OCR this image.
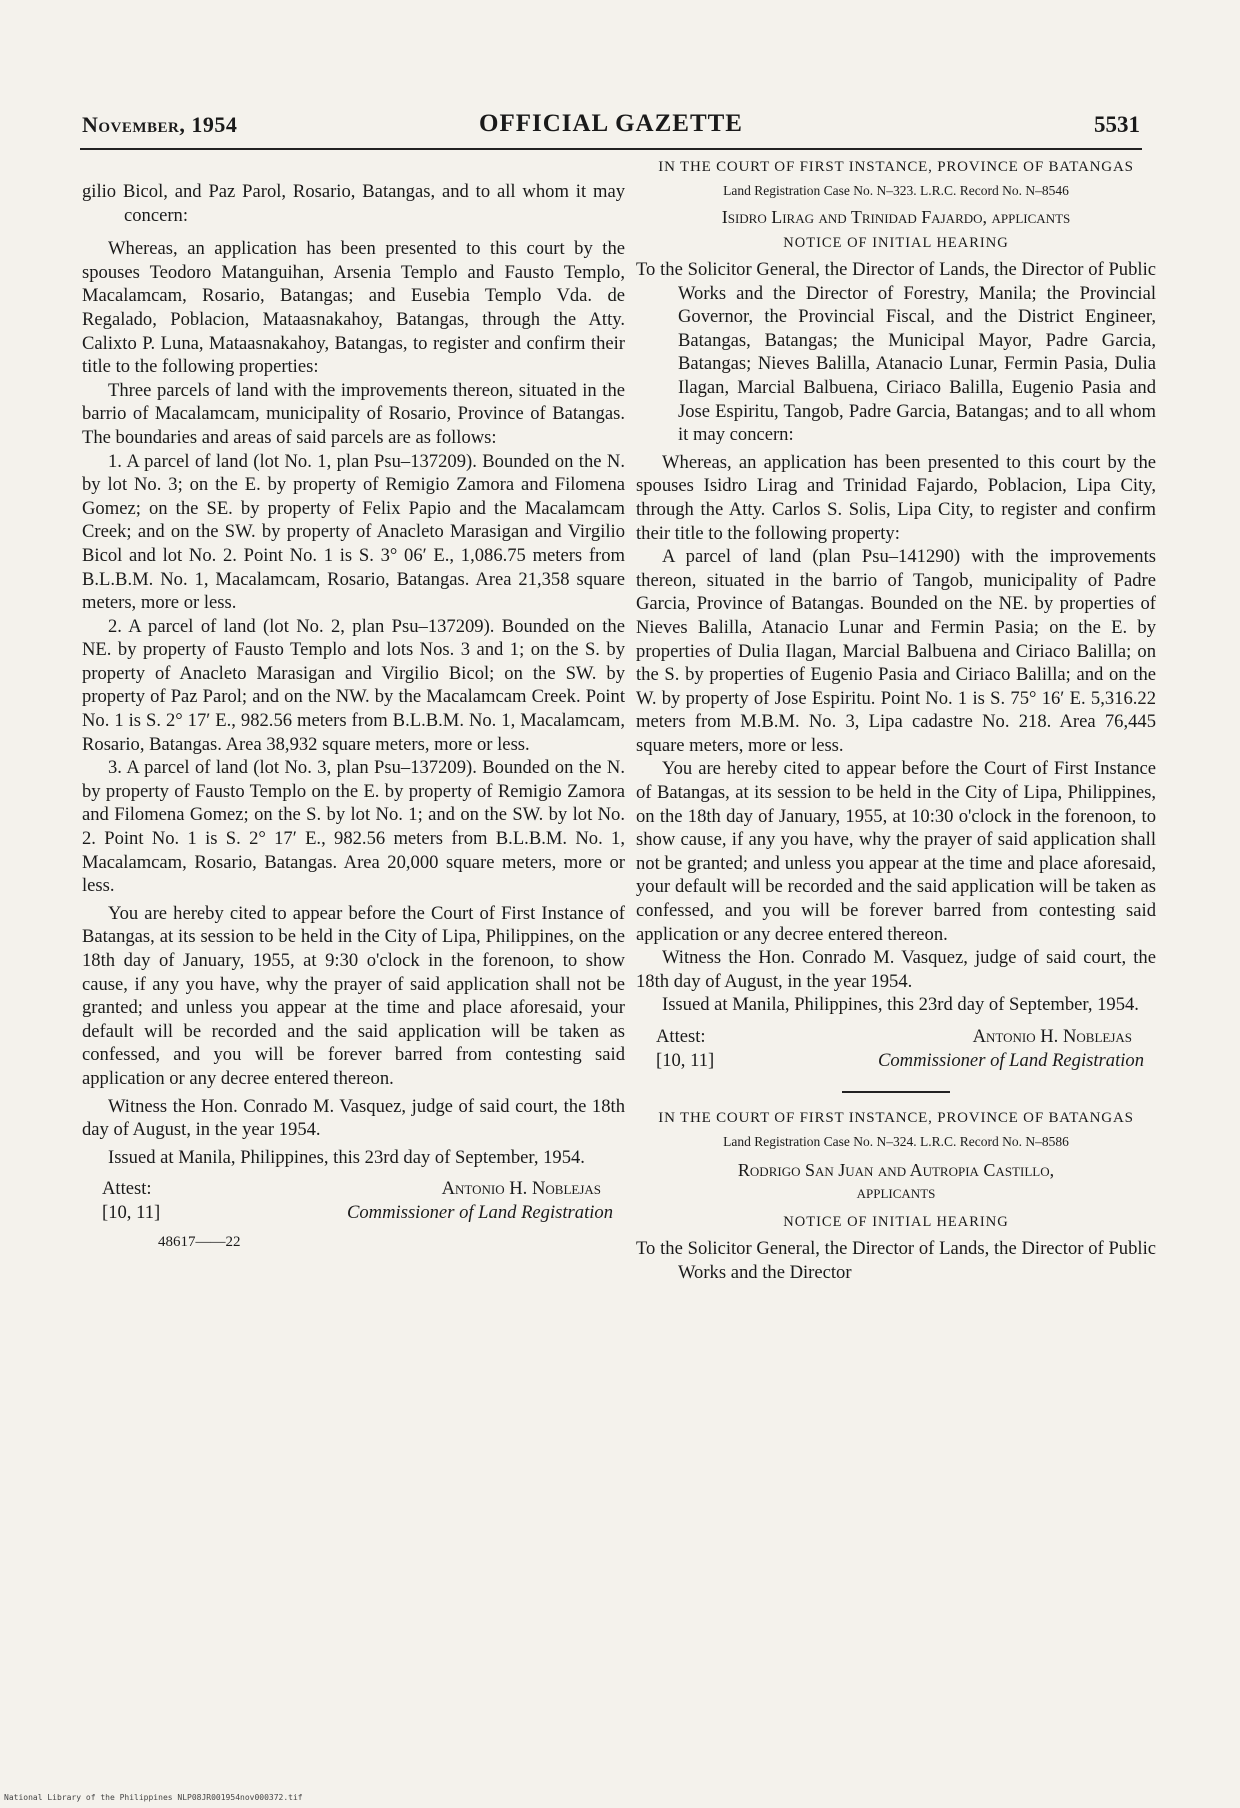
November, 1954	OFFICIAL GAZETTE	5531

gilio Bicol, and Paz Parol, Rosario, Batangas, and to all whom it may concern:

Whereas, an application has been presented to this court by the spouses Teodoro Matanguihan, Arsenia Templo and Fausto Templo, Macalamcam, Rosario, Batangas; and Eusebia Templo Vda. de Regalado, Poblacion, Mataasnakahoy, Batangas, through the Atty. Calixto P. Luna, Mataasnakahoy, Batangas, to register and confirm their title to the following properties:

Three parcels of land with the improvements thereon, situated in the barrio of Macalamcam, municipality of Rosario, Province of Batangas. The boundaries and areas of said parcels are as follows:

1. A parcel of land (lot No. 1, plan Psu–137209). Bounded on the N. by lot No. 3; on the E. by property of Remigio Zamora and Filomena Gomez; on the SE. by property of Felix Papio and the Macalamcam Creek; and on the SW. by property of Anacleto Marasigan and Virgilio Bicol and lot No. 2. Point No. 1 is S. 3° 06′ E., 1,086.75 meters from B.L.B.M. No. 1, Macalamcam, Rosario, Batangas. Area 21,358 square meters, more or less.

2. A parcel of land (lot No. 2, plan Psu–137209). Bounded on the NE. by property of Fausto Templo and lots Nos. 3 and 1; on the S. by property of Anacleto Marasigan and Virgilio Bicol; on the SW. by property of Paz Parol; and on the NW. by the Macalamcam Creek. Point No. 1 is S. 2° 17′ E., 982.56 meters from B.L.B.M. No. 1, Macalamcam, Rosario, Batangas. Area 38,932 square meters, more or less.

3. A parcel of land (lot No. 3, plan Psu–137209). Bounded on the N. by property of Fausto Templo on the E. by property of Remigio Zamora and Filomena Gomez; on the S. by lot No. 1; and on the SW. by lot No. 2. Point No. 1 is S. 2° 17′ E., 982.56 meters from B.L.B.M. No. 1, Macalamcam, Rosario, Batangas. Area 20,000 square meters, more or less.

You are hereby cited to appear before the Court of First Instance of Batangas, at its session to be held in the City of Lipa, Philippines, on the 18th day of January, 1955, at 9:30 o'clock in the forenoon, to show cause, if any you have, why the prayer of said application shall not be granted; and unless you appear at the time and place aforesaid, your default will be recorded and the said application will be taken as confessed, and you will be forever barred from contesting said application or any decree entered thereon.

Witness the Hon. Conrado M. Vasquez, judge of said court, the 18th day of August, in the year 1954.

Issued at Manila, Philippines, this 23rd day of September, 1954.

Attest:	Antonio H. Noblejas
[10, 11]	Commissioner of Land Registration

48617——22

IN THE COURT OF FIRST INSTANCE, PROVINCE OF BATANGAS

Land Registration Case No. N–323. L.R.C. Record No. N–8546

Isidro Lirag and Trinidad Fajardo, applicants

NOTICE OF INITIAL HEARING

To the Solicitor General, the Director of Lands, the Director of Public Works and the Director of Forestry, Manila; the Provincial Governor, the Provincial Fiscal, and the District Engineer, Batangas, Batangas; the Municipal Mayor, Padre Garcia, Batangas; Nieves Balilla, Atanacio Lunar, Fermin Pasia, Dulia Ilagan, Marcial Balbuena, Ciriaco Balilla, Eugenio Pasia and Jose Espiritu, Tangob, Padre Garcia, Batangas; and to all whom it may concern:

Whereas, an application has been presented to this court by the spouses Isidro Lirag and Trinidad Fajardo, Poblacion, Lipa City, through the Atty. Carlos S. Solis, Lipa City, to register and confirm their title to the following property:

A parcel of land (plan Psu–141290) with the improvements thereon, situated in the barrio of Tangob, municipality of Padre Garcia, Province of Batangas. Bounded on the NE. by properties of Nieves Balilla, Atanacio Lunar and Fermin Pasia; on the E. by properties of Dulia Ilagan, Marcial Balbuena and Ciriaco Balilla; on the S. by properties of Eugenio Pasia and Ciriaco Balilla; and on the W. by property of Jose Espiritu. Point No. 1 is S. 75° 16′ E. 5,316.22 meters from M.B.M. No. 3, Lipa cadastre No. 218. Area 76,445 square meters, more or less.

You are hereby cited to appear before the Court of First Instance of Batangas, at its session to be held in the City of Lipa, Philippines, on the 18th day of January, 1955, at 10:30 o'clock in the forenoon, to show cause, if any you have, why the prayer of said application shall not be granted; and unless you appear at the time and place aforesaid, your default will be recorded and the said application will be taken as confessed, and you will be forever barred from contesting said application or any decree entered thereon.

Witness the Hon. Conrado M. Vasquez, judge of said court, the 18th day of August, in the year 1954.

Issued at Manila, Philippines, this 23rd day of September, 1954.

Attest:	Antonio H. Noblejas
[10, 11]	Commissioner of Land Registration

IN THE COURT OF FIRST INSTANCE, PROVINCE OF BATANGAS

Land Registration Case No. N–324. L.R.C. Record No. N–8586

Rodrigo San Juan and Autropia Castillo,

applicants

NOTICE OF INITIAL HEARING

To the Solicitor General, the Director of Lands, the Director of Public Works and the Director

National Library of the Philippines NLP08JR001954nov000372.tif
